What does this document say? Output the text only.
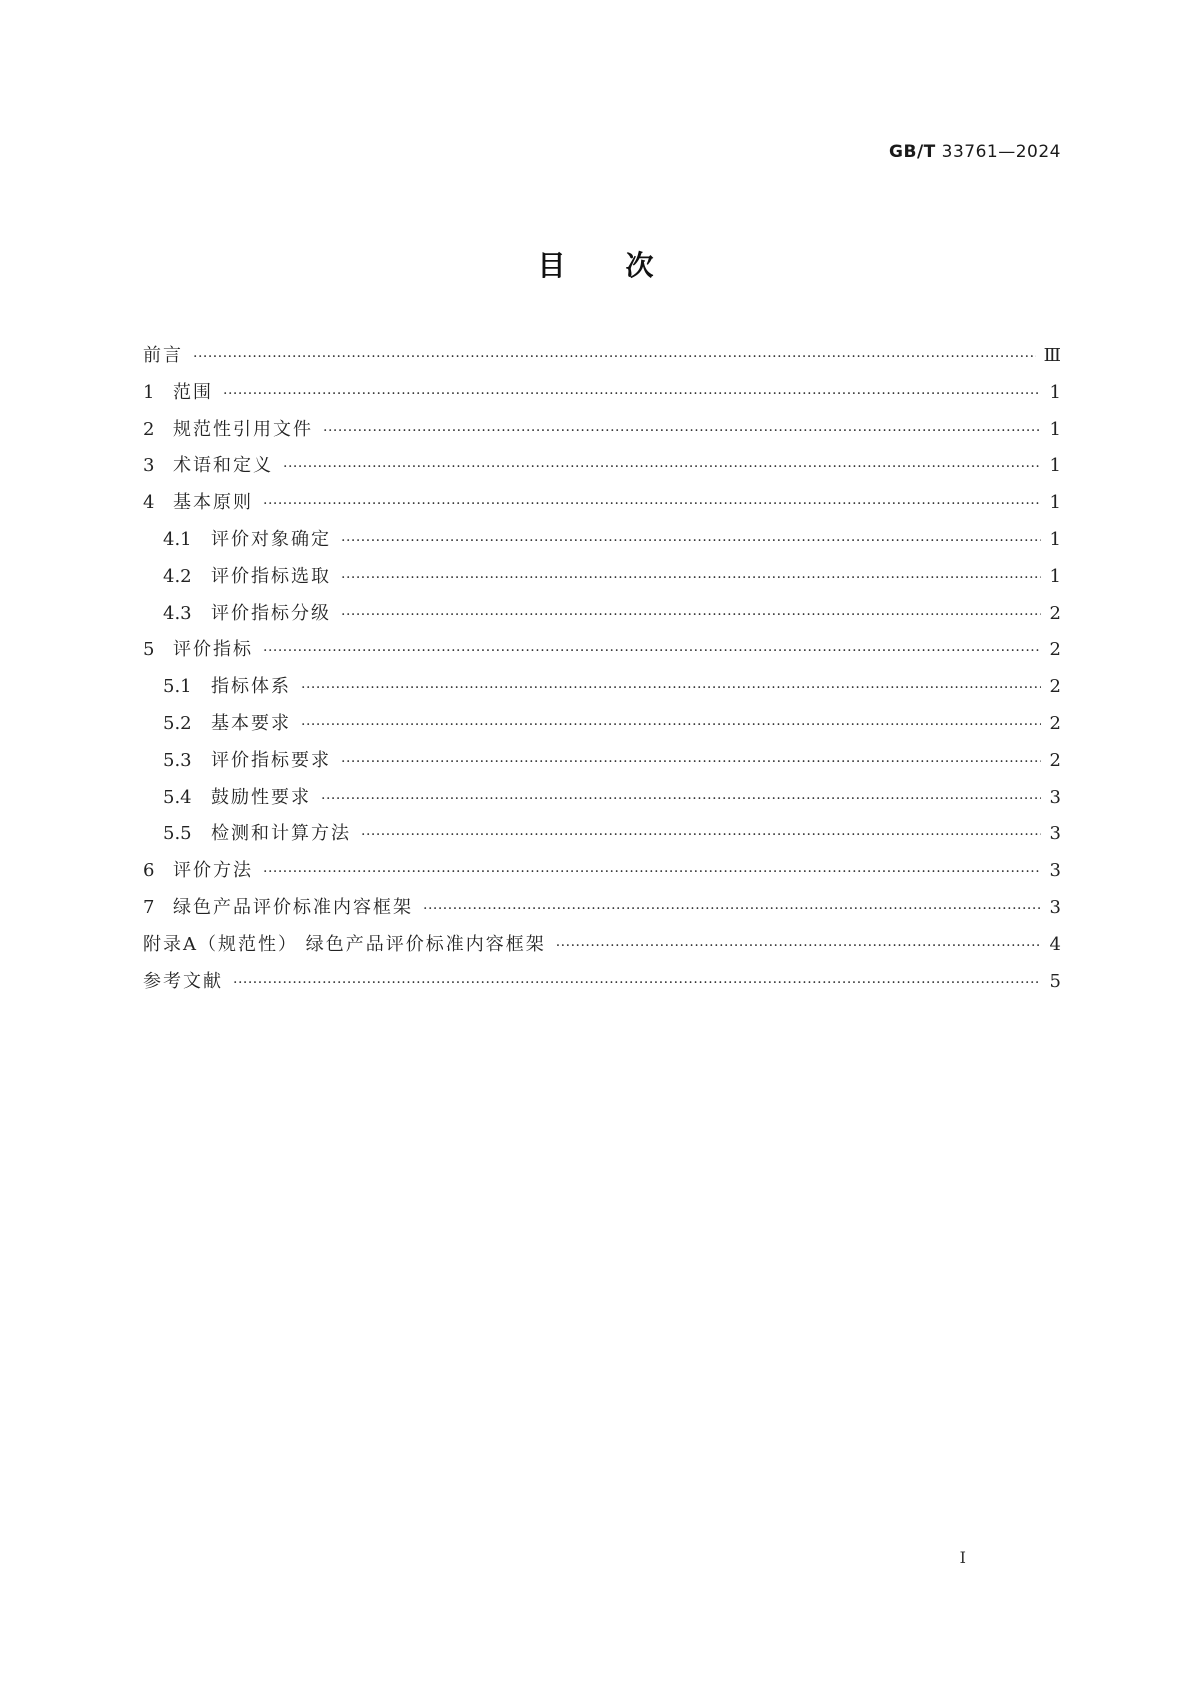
GB/T 33761—2024
目次
前言 ·····	Ⅲ
1	范围 ·····	1
2	规范性引用文件 ·····	1
3	术语和定义 ·····	1
4	基本原则 ·····	1
4.1	评价对象确定 ·····	1
4.2	评价指标选取 ·····	1
4.3	评价指标分级 ·····	2
5	评价指标 ·····	2
5.1	指标体系 ·····	2
5.2	基本要求 ·····	2
5.3	评价指标要求 ·····	2
5.4	鼓励性要求 ·····	3
5.5	检测和计算方法 ·····	3
6	评价方法 ·····	3
7	绿色产品评价标准内容框架 ·····	3
附录A（规范性） 绿色产品评价标准内容框架 ·····	4
参考文献 ·····	5
I
